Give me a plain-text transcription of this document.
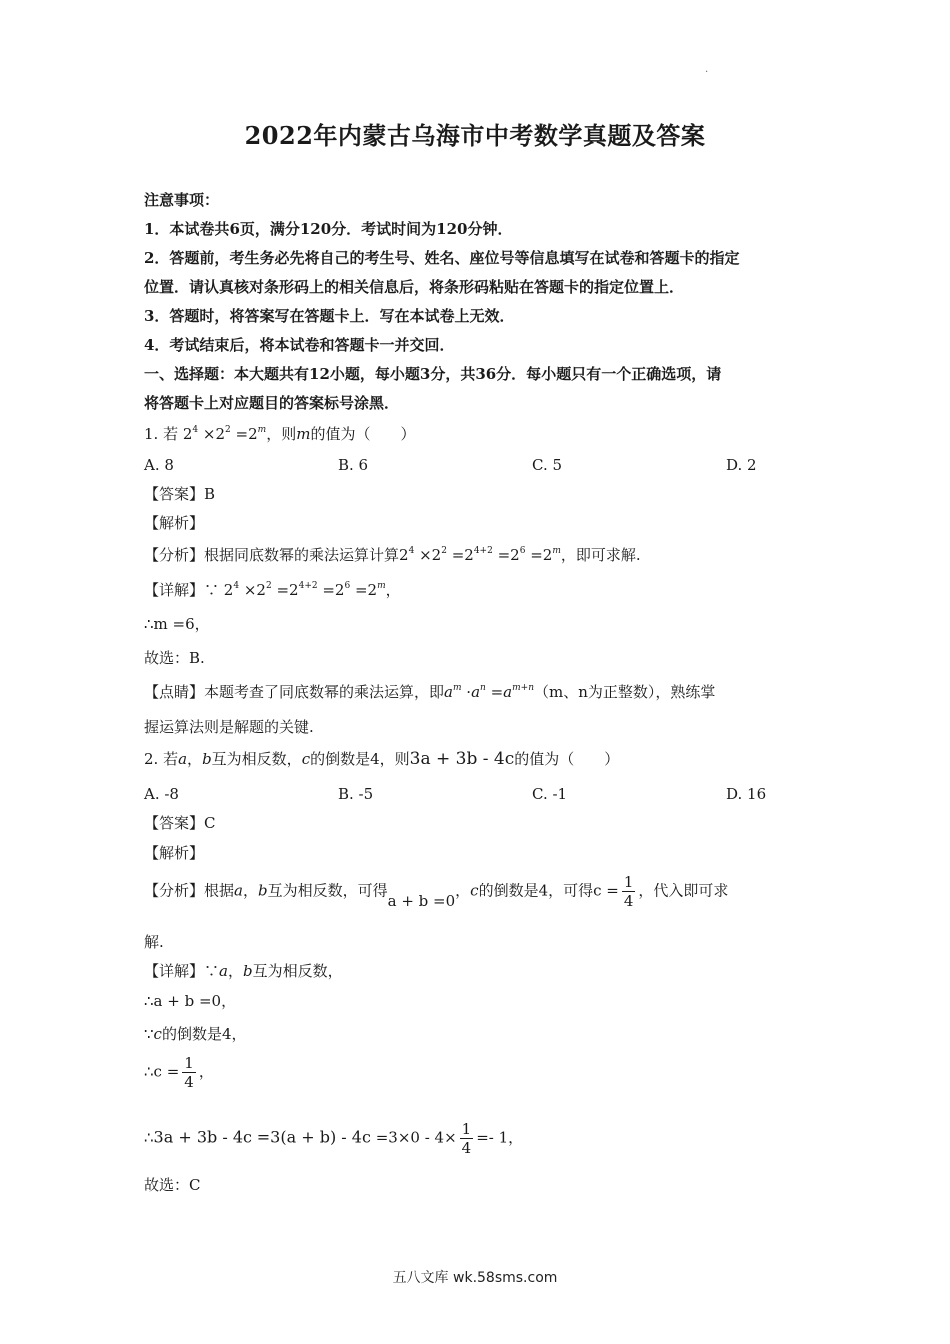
.
2022年内蒙古乌海市中考数学真题及答案
注意事项：
1．本试卷共6页，满分120分．考试时间为120分钟．
2．答题前，考生务必先将自己的考生号、姓名、座位号等信息填写在试卷和答题卡的指定
位置．请认真核对条形码上的相关信息后，将条形码粘贴在答题卡的指定位置上．
3．答题时，将答案写在答题卡上．写在本试卷上无效．
4．考试结束后，将本试卷和答题卡一并交回．
一、选择题：本大题共有12小题，每小题3分，共36分．每小题只有一个正确选项，请
将答题卡上对应题目的答案标号涂黑．
1. 若 $2^4 \times 2^2 =2^m$，则m的值为（　　）
A. 8	B. 6	C. 5	D. 2
【答案】B
【解析】
【分析】根据同底数幂的乘法运算计算$2^4 \times 2^2 =2^{4+2} =2^6 =2^m$，即可求解.
【详解】∵ $2^4 \times 2^2 =2^{4+2} =2^6 =2^m$，
∴m =6，
故选：B.
【点睛】本题考查了同底数幂的乘法运算，即$a^m \cdot a^n =a^{m+n}(m$、n为正整数），熟练掌
握运算法则是解题的关键.
2. 若a，b互为相反数，c的倒数是4，则3a + 3b - 4c的值为（　　）
A. -8	B. -5	C. -1	D. 16
【答案】C
【解析】
【分析】根据a，b互为相反数，可得a + b =0，c的倒数是4，可得$c = \frac{1}{4}$ ，代入即可求
解.
【详解】∵a，b互为相反数，
∴a + b =0，
∵c的倒数是4，
∴c = $\frac{1}{4}$ ，
∴3a + $3b - 4c =3(a + b) - 4c =3\times 0 - 4\times \frac{1}{4} =- 1$，
故选：C
五八文库 wk.58sms.com
